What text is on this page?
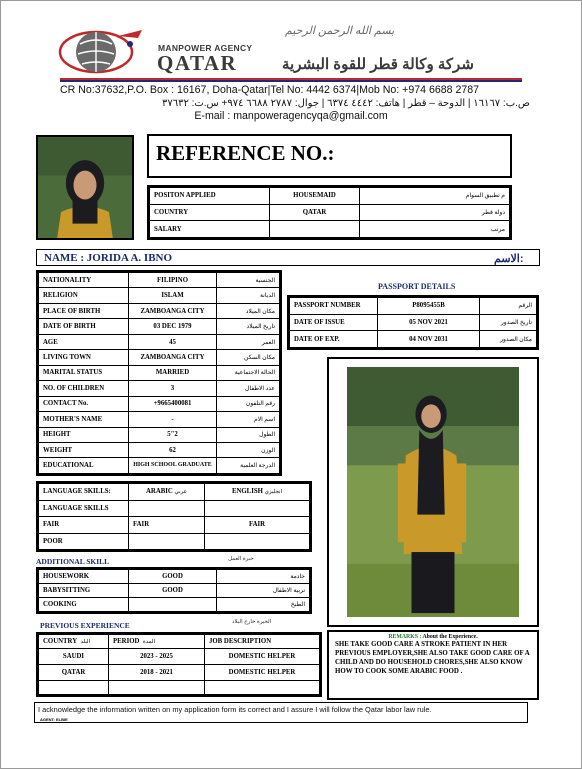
MANPOWER AGENCY
QATAR
بسم الله الرحمن الرحيم
شركة وكالة قطر للقوة البشرية
CR No:37632,P.O. Box : 16167, Doha-Qatar|Tel No: 4442 6374|Mob No: +974 6688 2787
ص.ب: ١٦١٦٧ | الدوحة – قطر | هاتف: ٤٤٤٢ ٦٣٧٤ | جوال: ٢٧٨٧ ٦٦٨٨ ٩٧٤+ س.ت: ٣٧٦٣٢
E-mail : manpoweragencyqa@gmail.com
REFERENCE NO.:
POSITON APPLIED	HOUSEMAID	م تطبيق السوام
COUNTRY	QATAR	دولة قطر
SALARY		مرتب
NAME : JORIDA A. IBNO	الاسم:
NATIONALITY	FILIPINO	الجنسية
RELIGION	ISLAM	الديانة
PLACE OF BIRTH	ZAMBOANGA CITY	مكان الميلاد
DATE OF BIRTH	03 DEC 1979	تاريخ الميلاد
AGE	45	العمر
LIVING TOWN	ZAMBOANGA CITY	مكان السكن
MARITAL STATUS	MARRIED	الحالة الاجتماعية
NO. OF CHILDREN	3	عدد الاطفال
CONTACT No.	+9665400081	رقم التلفون
MOTHER'S NAME	-	اسم الام
HEIGHT	5"2	الطول
WEIGHT	62	الوزن
EDUCATIONAL	HIGH SCHOOL GRADUATE	الدرجة العلمية
PASSPORT DETAILS
PASSPORT NUMBER	P8095455B	الرقم
DATE OF ISSUE	05 NOV 2021	تاريخ الصدور
DATE OF EXP.	04 NOV 2031	مكان الصدور
LANGUAGE SKILLS:	ARABIC عربي	ENGLISH انجليزي
LANGUAGE SKILLS		
FAIR	FAIR	FAIR
POOR		
ADDITIONAL SKILL	خبرة العمل
HOUSEWORK	GOOD	خادمة
BABYSITTING	GOOD	تربية الاطفال
COOKING		الطبخ
PREVIOUS EXPERIENCE	الخبرة خارج البلاد
COUNTRY البلد	PERIOD المدة	JOB DESCRIPTION
SAUDI	2023 - 2025	DOMESTIC HELPER
QATAR	2018 - 2021	DOMESTIC HELPER

REMARKS : About the Experience.
SHE TAKE GOOD CARE A STROKE PATIENT IN HER PREVIOUS EMPLOYER,SHE ALSO TAKE GOOD CARE OF A CHILD AND DO HOUSEHOLD CHORES,SHE ALSO KNOW HOW TO COOK SOME ARABIC FOOD .
I acknowledge the information written on my application form its correct and I assure I will follow the Qatar labor law rule.
AGENT: ELBIE
